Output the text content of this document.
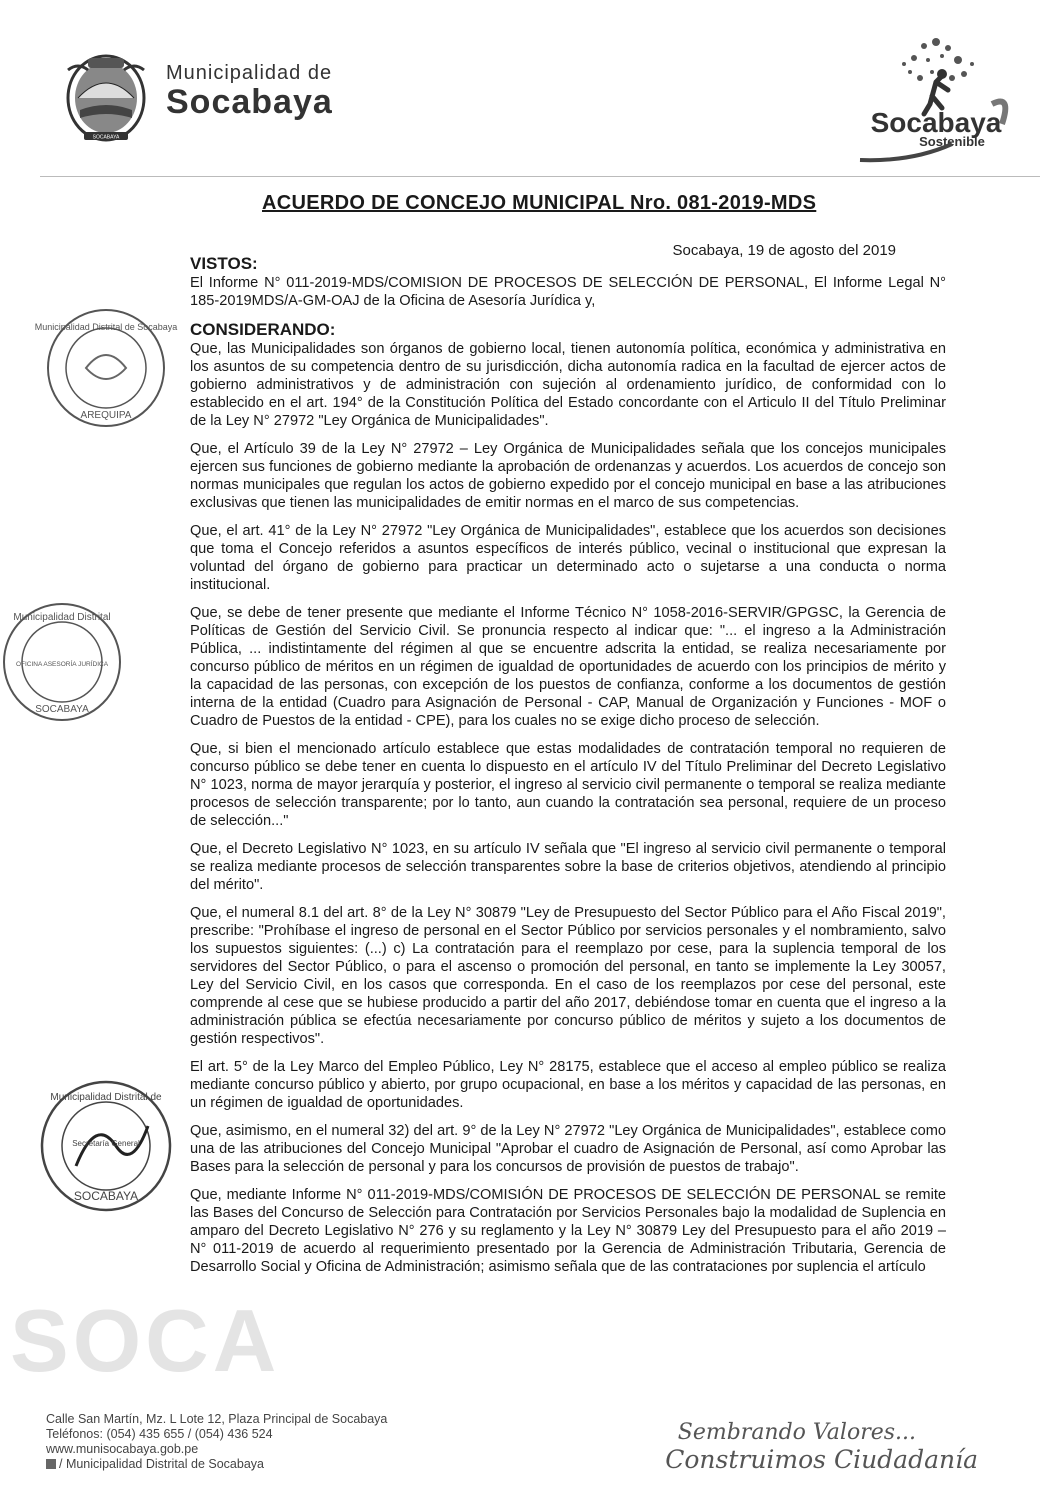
SOCABAYA
Municipalidad de
Socabaya
Socabaya
Sostenible
SOCA
ACUERDO DE CONCEJO MUNICIPAL Nro. 081-2019-MDS
Socabaya, 19 de agosto del 2019
VISTOS:

El Informe N° 011-2019-MDS/COMISION DE PROCESOS DE SELECCIÓN DE PERSONAL, El Informe Legal N° 185-2019MDS/A-GM-OAJ de la Oficina de Asesoría Jurídica y,

CONSIDERANDO:

Que, las Municipalidades son órganos de gobierno local, tienen autonomía política, económica y administrativa en los asuntos de su competencia dentro de su jurisdicción, dicha autonomía radica en la facultad de ejercer actos de gobierno administrativos y de administración con sujeción al ordenamiento jurídico, de conformidad con lo establecido en el art. 194° de la Constitución Política del Estado concordante con el Articulo II del Título Preliminar de la Ley N° 27972 "Ley Orgánica de Municipalidades".

Que, el Artículo 39 de la Ley N° 27972 – Ley Orgánica de Municipalidades señala que los concejos municipales ejercen sus funciones de gobierno mediante la aprobación de ordenanzas y acuerdos. Los acuerdos de concejo son normas municipales que regulan los actos de gobierno expedido por el concejo municipal en base a las atribuciones exclusivas que tienen las municipalidades de emitir normas en el marco de sus competencias.

Que, el art. 41° de la Ley N° 27972 "Ley Orgánica de Municipalidades", establece que los acuerdos son decisiones que toma el Concejo referidos a asuntos específicos de interés público, vecinal o institucional que expresan la voluntad del órgano de gobierno para practicar un determinado acto o sujetarse a una conducta o norma institucional.

Que, se debe de tener presente que mediante el Informe Técnico N° 1058-2016-SERVIR/GPGSC, la Gerencia de Políticas de Gestión del Servicio Civil. Se pronuncia respecto al indicar que: "... el ingreso a la Administración Pública, ... indistintamente del régimen al que se encuentre adscrita la entidad, se realiza necesariamente por concurso público de méritos en un régimen de igualdad de oportunidades de acuerdo con los principios de mérito y la capacidad de las personas, con excepción de los puestos de confianza, conforme a los documentos de gestión interna de la entidad (Cuadro para Asignación de Personal - CAP, Manual de Organización y Funciones - MOF o Cuadro de Puestos de la entidad - CPE), para los cuales no se exige dicho proceso de selección.

Que, si bien el mencionado artículo establece que estas modalidades de contratación temporal no requieren de concurso público se debe tener en cuenta lo dispuesto en el artículo IV del Título Preliminar del Decreto Legislativo N° 1023, norma de mayor jerarquía y posterior, el ingreso al servicio civil permanente o temporal se realiza mediante procesos de selección transparente; por lo tanto, aun cuando la contratación sea personal, requiere de un proceso de selección..."

Que, el Decreto Legislativo N° 1023, en su artículo IV señala que "El ingreso al servicio civil permanente o temporal se realiza mediante procesos de selección transparentes sobre la base de criterios objetivos, atendiendo al principio del mérito".

Que, el numeral 8.1 del art. 8° de la Ley N° 30879 "Ley de Presupuesto del Sector Público para el Año Fiscal 2019", prescribe: "Prohíbase el ingreso de personal en el Sector Público por servicios personales y el nombramiento, salvo los supuestos siguientes: (...) c) La contratación para el reemplazo por cese, para la suplencia temporal de los servidores del Sector Público, o para el ascenso o promoción del personal, en tanto se implemente la Ley 30057, Ley del Servicio Civil, en los casos que corresponda. En el caso de los reemplazos por cese del personal, este comprende al cese que se hubiese producido a partir del año 2017, debiéndose tomar en cuenta que el ingreso a la administración pública se efectúa necesariamente por concurso público de méritos y sujeto a los documentos de gestión respectivos".

El art. 5° de la Ley Marco del Empleo Público, Ley N° 28175, establece que el acceso al empleo público se realiza mediante concurso público y abierto, por grupo ocupacional, en base a los méritos y capacidad de las personas, en un régimen de igualdad de oportunidades.

Que, asimismo, en el numeral 32) del art. 9° de la Ley N° 27972 "Ley Orgánica de Municipalidades", establece como una de las atribuciones del Concejo Municipal "Aprobar el cuadro de Asignación de Personal, así como Aprobar las Bases para la selección de personal y para los concursos de provisión de puestos de trabajo".

Que, mediante Informe N° 011-2019-MDS/COMISIÓN DE PROCESOS DE SELECCIÓN DE PERSONAL se remite las Bases del Concurso de Selección para Contratación por Servicios Personales bajo la modalidad de Suplencia en amparo del Decreto Legislativo N° 276 y su reglamento y la Ley N° 30879 Ley del Presupuesto para el año 2019 – N° 011-2019 de acuerdo al requerimiento presentado por la Gerencia de Administración Tributaria, Gerencia de Desarrollo Social y Oficina de Administración; asimismo señala que de las contrataciones por suplencia el artículo

Municipalidad Distrital de Socabaya
AREQUIPA
Municipalidad Distrital
OFICINA ASESORÍA JURÍDICA
SOCABAYA
Municipalidad Distrital de
Secretaría General
SOCABAYA
Calle San Martín, Mz. L Lote 12, Plaza Principal de Socabaya
Teléfonos: (054) 435 655 / (054) 436 524
www.munisocabaya.gob.pe
/ Municipalidad Distrital de Socabaya
Sembrando Valores...
Construimos Ciudadanía
